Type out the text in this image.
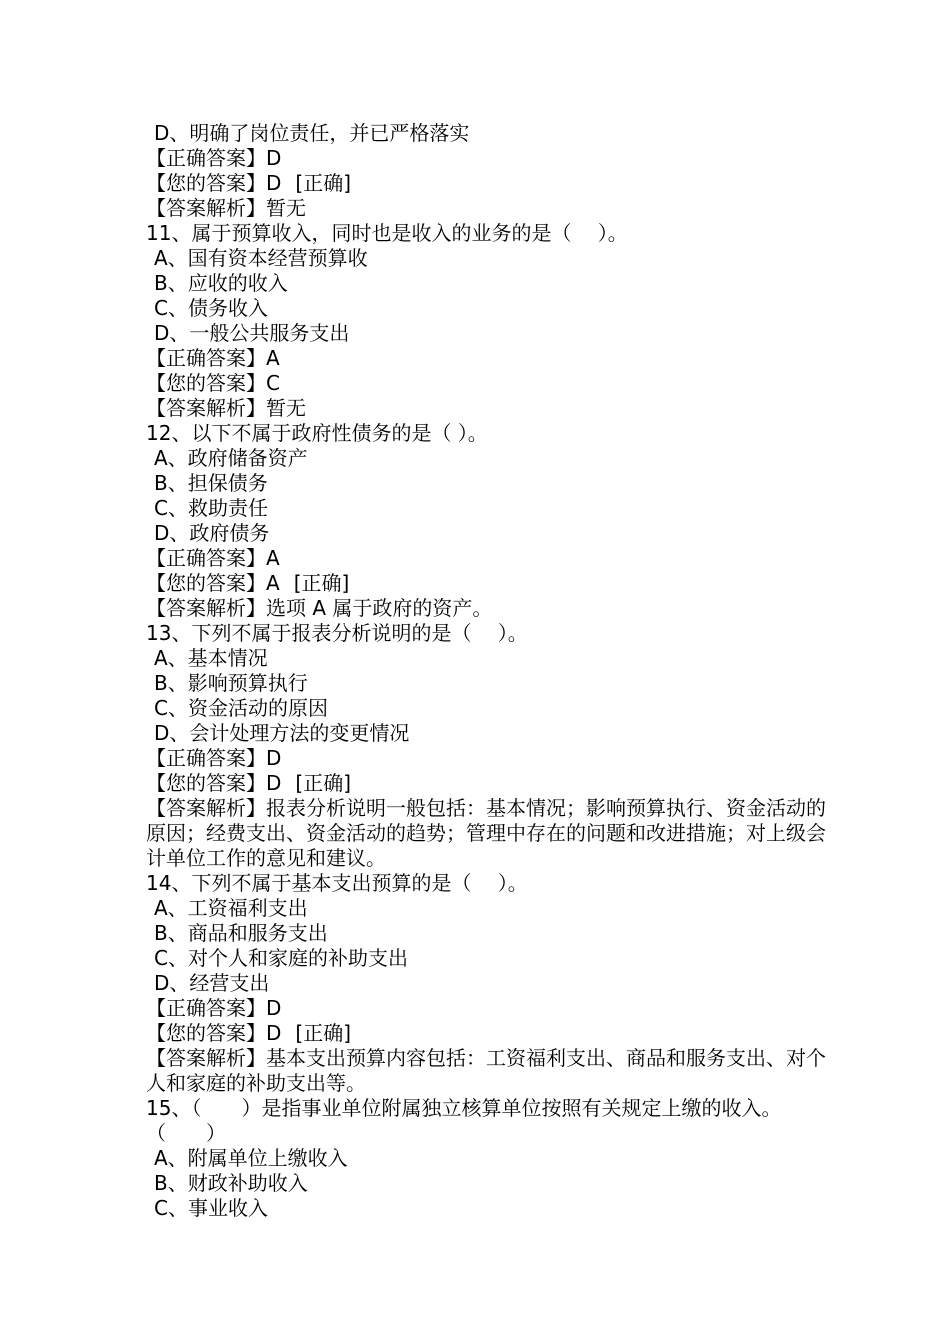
D、明确了岗位责任，并已严格落实
【正确答案】D
【您的答案】D [正确]
【答案解析】暂无
11、属于预算收入，同时也是收入的业务的是（　 ）。
A、国有资本经营预算收
B、应收的收入
C、债务收入
D、一般公共服务支出
【正确答案】A
【您的答案】C
【答案解析】暂无
12、以下不属于政府性债务的是（ ）。
A、政府储备资产
B、担保债务
C、救助责任
D、政府债务
【正确答案】A
【您的答案】A [正确]
【答案解析】选项 A 属于政府的资产。
13、下列不属于报表分析说明的是（　 ）。
A、基本情况
B、影响预算执行
C、资金活动的原因
D、会计处理方法的变更情况
【正确答案】D
【您的答案】D [正确]
【答案解析】报表分析说明一般包括：基本情况；影响预算执行、资金活动的原因；经费支出、资金活动的趋势；管理中存在的问题和改进措施；对上级会计单位工作的意见和建议。
14、下列不属于基本支出预算的是（　 ）。
A、工资福利支出
B、商品和服务支出
C、对个人和家庭的补助支出
D、经营支出
【正确答案】D
【您的答案】D [正确]
【答案解析】基本支出预算内容包括：工资福利支出、商品和服务支出、对个人和家庭的补助支出等。
15、（　　）是指事业单位附属独立核算单位按照有关规定上缴的收入。（　　）
A、附属单位上缴收入
B、财政补助收入
C、事业收入
